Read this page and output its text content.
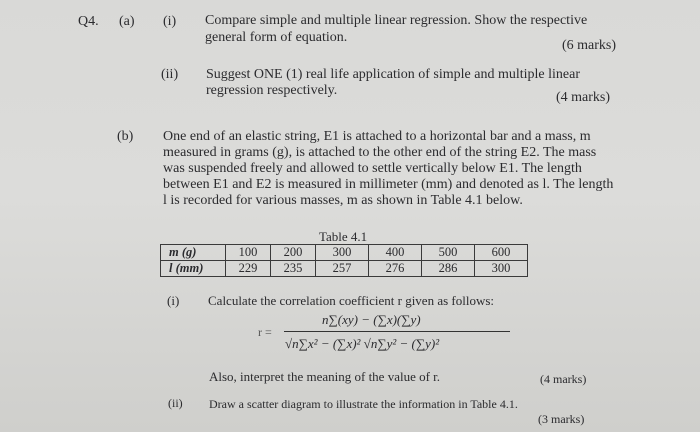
Q4. (a) (i) Compare simple and multiple linear regression. Show the respective
general form of equation.
(6 marks)
(ii) Suggest ONE (1) real life application of simple and multiple linear
regression respectively.	(4 marks)
(b) One end of an elastic string, E1 is attached to a horizontal bar and a mass, m
measured in grams (g), is attached to the other end of the string E2. The mass
was suspended freely and allowed to settle vertically below E1. The length
between E1 and E2 is measured in millimeter (mm) and denoted as l. The length
l is recorded for various masses, m as shown in Table 4.1 below.
Table 4.1
m (g)	100	200	300	400	500	600
l (mm)	229	235	257	276	286	300
(i) Calculate the correlation coefficient r given as follows:
r =
n∑(xy) − (∑x)(∑y)
√n∑x² − (∑x)² √n∑y² − (∑y)²
Also, interpret the meaning of the value of r.	(4 marks)
(ii) Draw a scatter diagram to illustrate the information in Table 4.1.
(3 marks)
